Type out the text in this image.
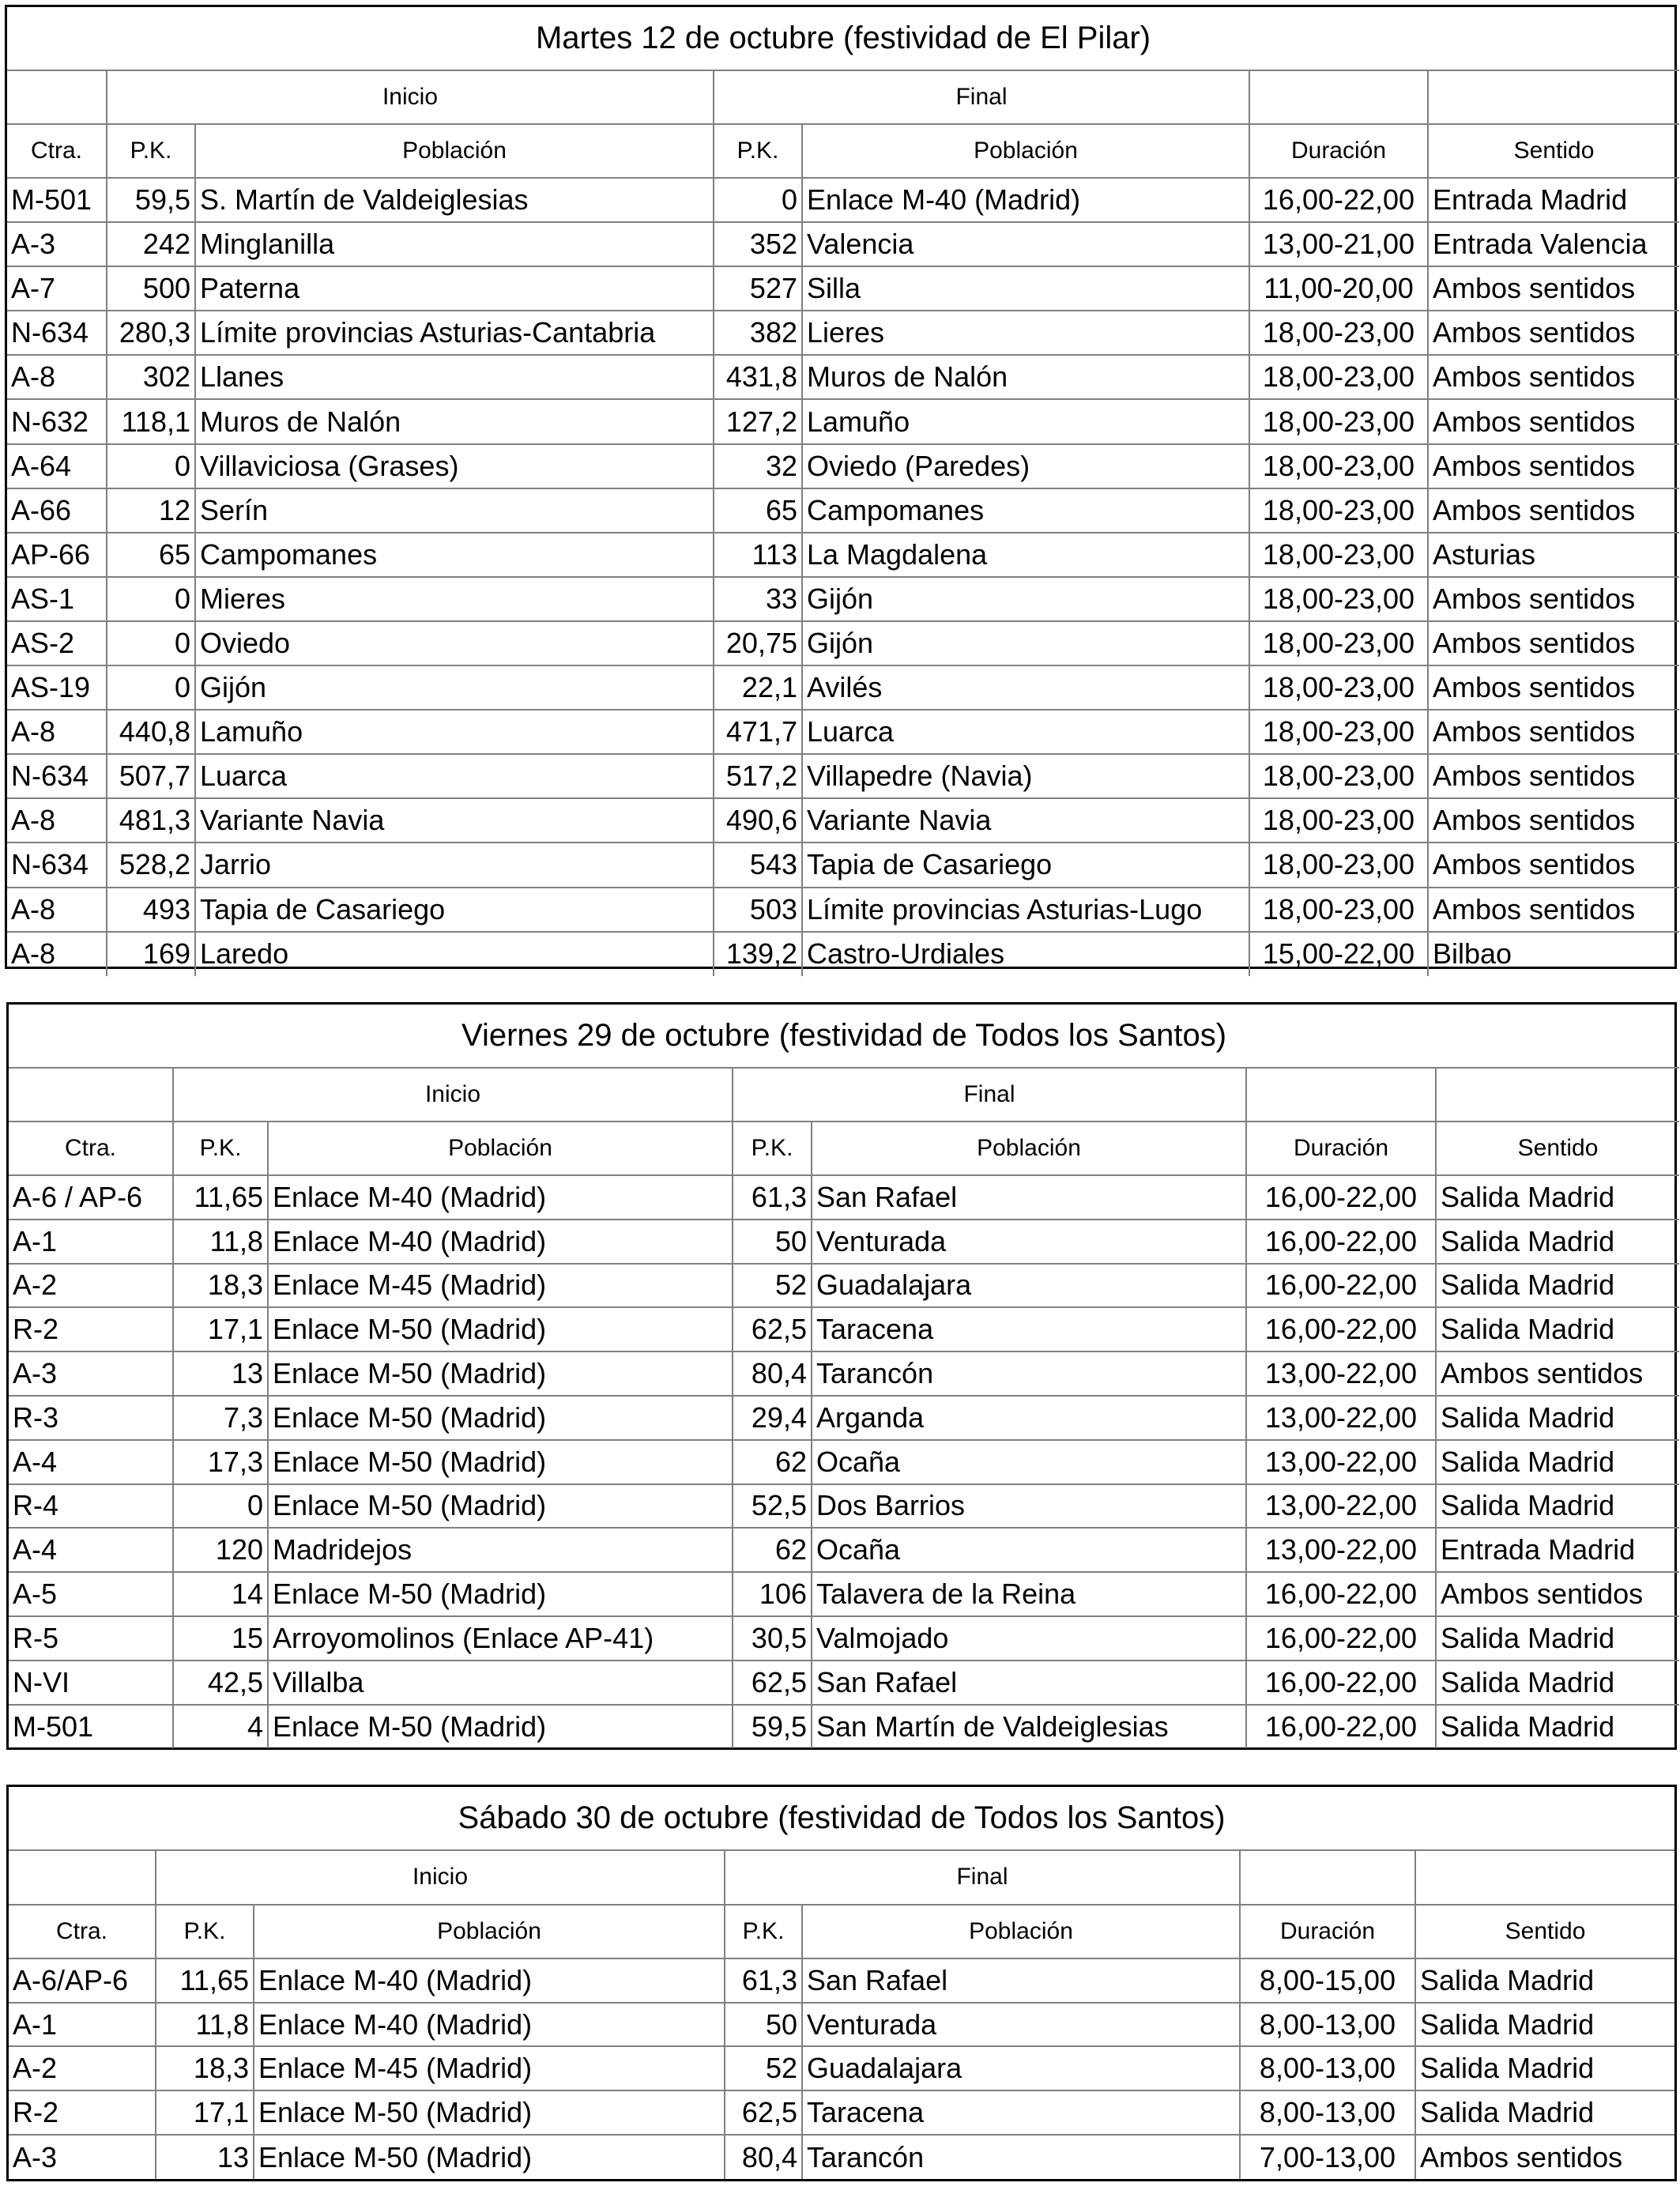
Martes 12 de octubre (festividad de El Pilar)						
	Inicio		Final			
Ctra.	P.K.	Población	P.K.	Población	Duración	Sentido
M-501	59,5	S. Martín de Valdeiglesias	0	Enlace M-40 (Madrid)	16,00-22,00	Entrada Madrid
A-3	242	Minglanilla	352	Valencia	13,00-21,00	Entrada Valencia
A-7	500	Paterna	527	Silla	11,00-20,00	Ambos sentidos
N-634	280,3	Límite provincias Asturias-Cantabria	382	Lieres	18,00-23,00	Ambos sentidos
A-8	302	Llanes	431,8	Muros de Nalón	18,00-23,00	Ambos sentidos
N-632	118,1	Muros de Nalón	127,2	Lamuño	18,00-23,00	Ambos sentidos
A-64	0	Villaviciosa (Grases)	32	Oviedo (Paredes)	18,00-23,00	Ambos sentidos
A-66	12	Serín	65	Campomanes	18,00-23,00	Ambos sentidos
AP-66	65	Campomanes	113	La Magdalena	18,00-23,00	Asturias
AS-1	0	Mieres	33	Gijón	18,00-23,00	Ambos sentidos
AS-2	0	Oviedo	20,75	Gijón	18,00-23,00	Ambos sentidos
AS-19	0	Gijón	22,1	Avilés	18,00-23,00	Ambos sentidos
A-8	440,8	Lamuño	471,7	Luarca	18,00-23,00	Ambos sentidos
N-634	507,7	Luarca	517,2	Villapedre (Navia)	18,00-23,00	Ambos sentidos
A-8	481,3	Variante Navia	490,6	Variante Navia	18,00-23,00	Ambos sentidos
N-634	528,2	Jarrio	543	Tapia de Casariego	18,00-23,00	Ambos sentidos
A-8	493	Tapia de Casariego	503	Límite provincias Asturias-Lugo	18,00-23,00	Ambos sentidos
A-8	169	Laredo	139,2	Castro-Urdiales	15,00-22,00	Bilbao
Viernes 29 de octubre (festividad de Todos los Santos)						
	Inicio		Final			
Ctra.	P.K.	Población	P.K.	Población	Duración	Sentido
A-6 / AP-6	11,65	Enlace M-40 (Madrid)	61,3	San Rafael	16,00-22,00	Salida Madrid
A-1	11,8	Enlace M-40 (Madrid)	50	Venturada	16,00-22,00	Salida Madrid
A-2	18,3	Enlace M-45 (Madrid)	52	Guadalajara	16,00-22,00	Salida Madrid
R-2	17,1	Enlace M-50 (Madrid)	62,5	Taracena	16,00-22,00	Salida Madrid
A-3	13	Enlace M-50 (Madrid)	80,4	Tarancón	13,00-22,00	Ambos sentidos
R-3	7,3	Enlace M-50 (Madrid)	29,4	Arganda	13,00-22,00	Salida Madrid
A-4	17,3	Enlace M-50 (Madrid)	62	Ocaña	13,00-22,00	Salida Madrid
R-4	0	Enlace M-50 (Madrid)	52,5	Dos Barrios	13,00-22,00	Salida Madrid
A-4	120	Madridejos	62	Ocaña	13,00-22,00	Entrada Madrid
A-5	14	Enlace M-50 (Madrid)	106	Talavera de la Reina	16,00-22,00	Ambos sentidos
R-5	15	Arroyomolinos (Enlace AP-41)	30,5	Valmojado	16,00-22,00	Salida Madrid
N-VI	42,5	Villalba	62,5	San Rafael	16,00-22,00	Salida Madrid
M-501	4	Enlace M-50 (Madrid)	59,5	San Martín de Valdeiglesias	16,00-22,00	Salida Madrid
Sábado 30 de octubre (festividad de Todos los Santos)						
	Inicio		Final			
Ctra.	P.K.	Población	P.K.	Población	Duración	Sentido
A-6/AP-6	11,65	Enlace M-40 (Madrid)	61,3	San Rafael	8,00-15,00	Salida Madrid
A-1	11,8	Enlace M-40 (Madrid)	50	Venturada	8,00-13,00	Salida Madrid
A-2	18,3	Enlace M-45 (Madrid)	52	Guadalajara	8,00-13,00	Salida Madrid
R-2	17,1	Enlace M-50 (Madrid)	62,5	Taracena	8,00-13,00	Salida Madrid
A-3	13	Enlace M-50 (Madrid)	80,4	Tarancón	7,00-13,00	Ambos sentidos
